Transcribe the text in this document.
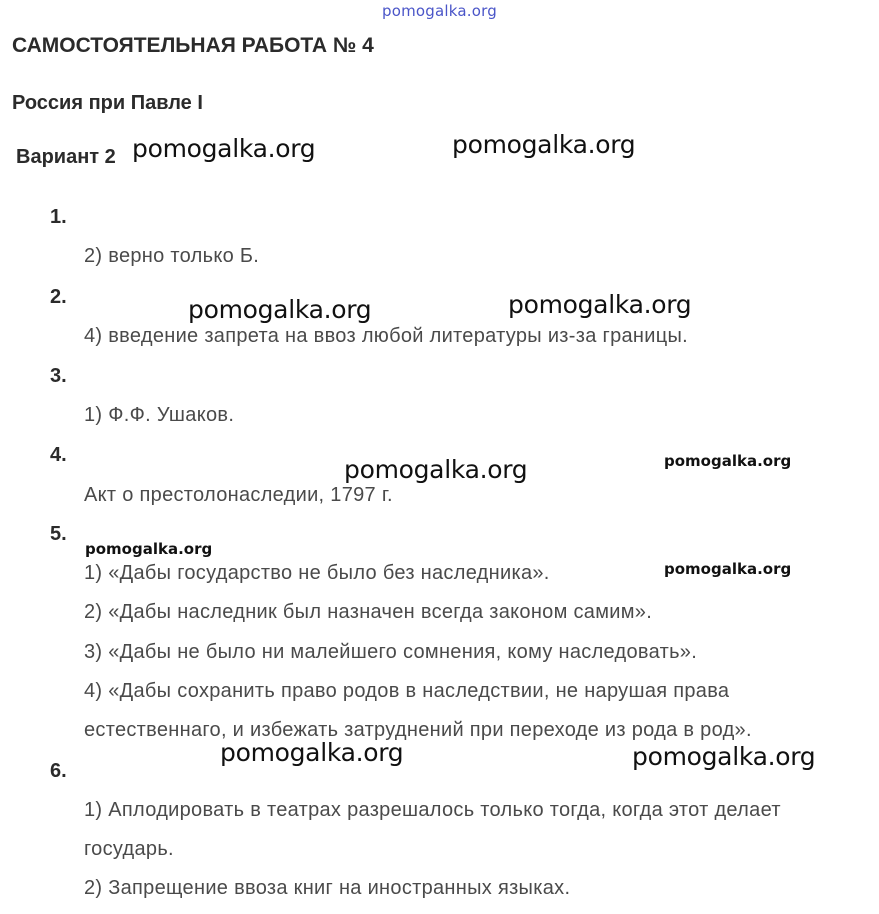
pomogalka.org
САМОСТОЯТЕЛЬНАЯ РАБОТА № 4
Россия при Павле I
Вариант 2
1.
2) верно только Б.
2.
4) введение запрета на ввоз любой литературы из-за границы.
3.
1) Ф.Ф. Ушаков.
4.
Акт о престолонаследии, 1797 г.
5.
1) «Дабы государство не было без наследника».
2) «Дабы наследник был назначен всегда законом самим».
3) «Дабы не было ни малейшего сомнения, кому наследовать».
4) «Дабы сохранить право родов в наследствии, не нарушая права
естественнаго, и избежать затруднений при переходе из рода в род».
6.
1) Аплодировать в театрах разрешалось только тогда, когда этот делает
государь.
2) Запрещение ввоза книг на иностранных языках.
pomogalka.org	pomogalka.org
pomogalka.org	pomogalka.org
pomogalka.org	pomogalka.org
pomogalka.org
pomogalka.org
pomogalka.org	pomogalka.org
